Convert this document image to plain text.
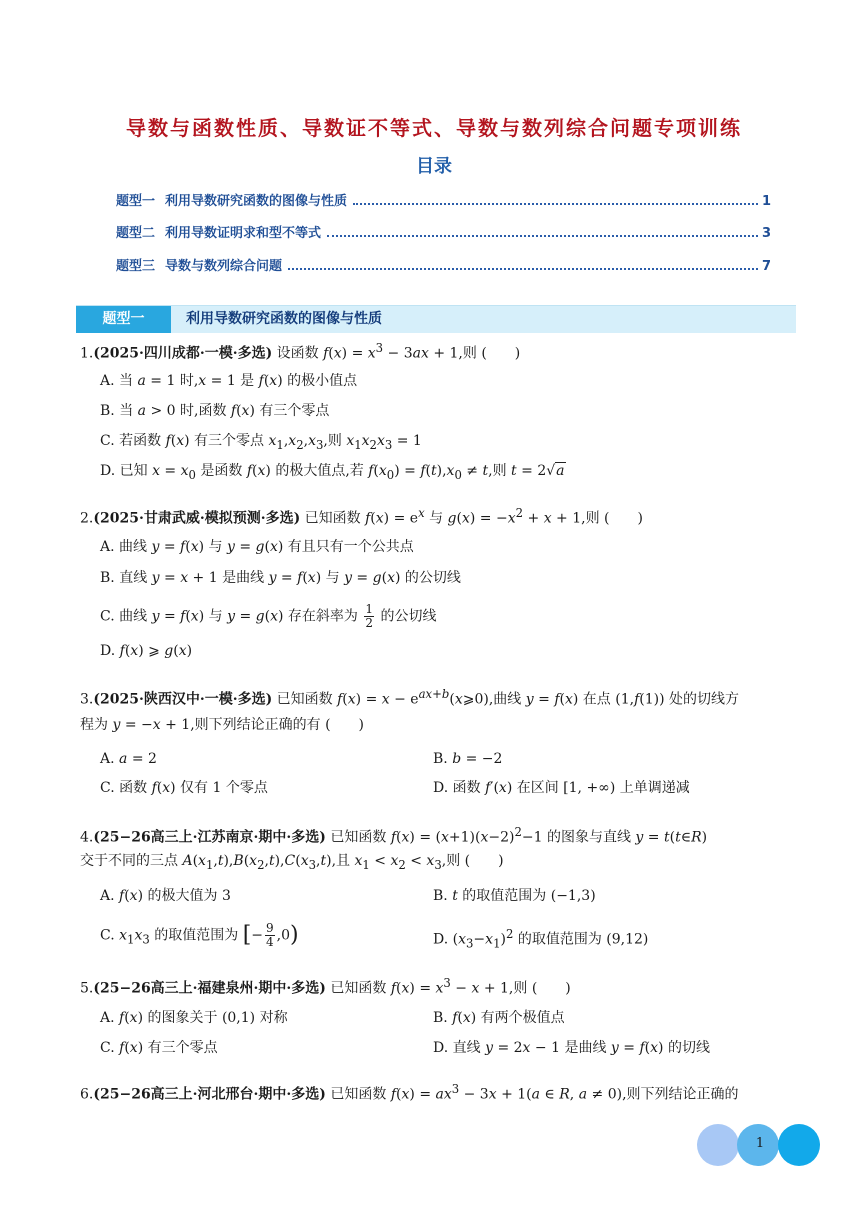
导数与函数性质、导数证不等式、导数与数列综合问题专项训练
目录
题型一 利用导数研究函数的图像与性质	1
题型二 利用导数证明求和型不等式	3
题型三 导数与数列综合问题	7
题型一	利用导数研究函数的图像与性质
1.(2025·四川成都·一模·多选) 设函数 $f(x) = x^3 - 3ax + 1$,则 (　　)
A. 当 a = 1 时,x = 1 是 f(x) 的极小值点
B. 当 a > 0 时,函数 f(x) 有三个零点
C. 若函数 f(x) 有三个零点 $x_1,x_2,x_3$,则 $x_1x_2x_3 = 1$
D. 已知 $x = x_0$ 是函数 f(x) 的极大值点,若 $f(x_0) = f(t),x_0 \ne t$,则 t = 2√a
2.(2025·甘肃武威·模拟预测·多选) 已知函数 $f(x) = e^x$ 与 $g(x) = -x^2 + x + 1$,则 (　　)
A. 曲线 y = f(x) 与 y = g(x) 有且只有一个公共点
B. 直线 y = x + 1 是曲线 y = f(x) 与 y = g(x) 的公切线
C. 曲线 y = f(x) 与 y = g(x) 存在斜率为 $\frac{1}{2}$ 的公切线
D. f(x) ⩾ g(x)
3.(2025·陕西汉中·一模·多选) 已知函数 $f(x) = x - e^{ax+b}(x⩾0)$,曲线 y = f(x) 在点 (1,f(1)) 处的切线方
程为 y = −x + 1,则下列结论正确的有 (　　)
A. a = 2	B. b = −2
C. 函数 f(x) 仅有 1 个零点	D. 函数 f′(x) 在区间 [1, +∞) 上单调递减
4.(25−26高三上·江苏南京·期中·多选) 已知函数 $f(x) = (x+1)(x-2)^2-1$ 的图象与直线 y = t(t∈R)
交于不同的三点 $A(x_1,t),B(x_2,t),C(x_3,t)$,且 $x_1 < x_2 < x_3$,则 (　　)
A. f(x) 的极大值为 3	B. t 的取值范围为 (−1,3)
C. $x_1x_3$ 的取值范围为 [− $\frac{9}{4} ,0$)	D. $(x_3-x_1)^2$ 的取值范围为 (9,12)
5.(25−26高三上·福建泉州·期中·多选) 已知函数 $f(x) = x^3 - x + 1$,则 (　　)
A. f(x) 的图象关于 (0,1) 对称	B. f(x) 有两个极值点
C. f(x) 有三个零点	D. 直线 y = 2x − 1 是曲线 y = f(x) 的切线
6.(25−26高三上·河北邢台·期中·多选) 已知函数 $f(x) = ax^3 - 3x + 1(a$ ∈ R, a ≠ 0),则下列结论正确的
1
